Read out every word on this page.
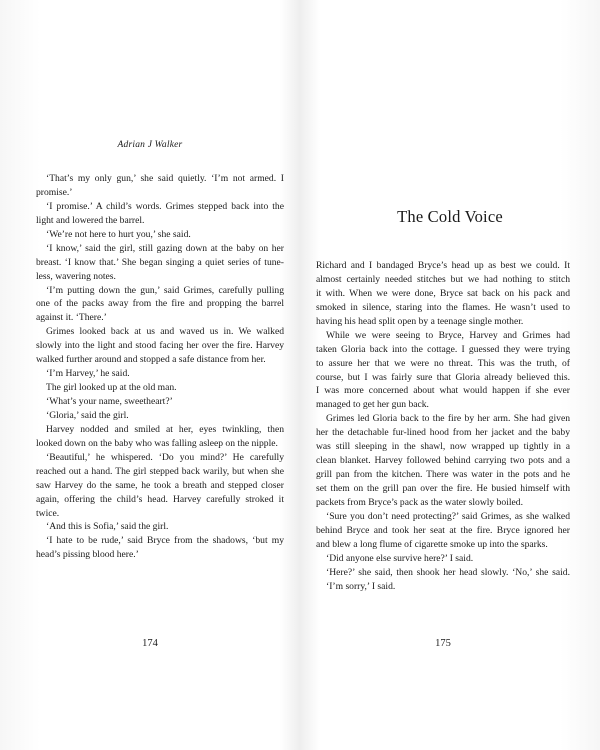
Adrian J Walker
‘That’s my only gun,’ she said quietly. ‘I’m not armed. I
promise.’
‘I promise.’ A child’s words. Grimes stepped back into the
light and lowered the barrel.
‘We’re not here to hurt you,’ she said.
‘I know,’ said the girl, still gazing down at the baby on her
breast. ‘I know that.’ She began singing a quiet series of tune-
less, wavering notes.
‘I’m putting down the gun,’ said Grimes, carefully pulling
one of the packs away from the fire and propping the barrel
against it. ‘There.’
Grimes looked back at us and waved us in. We walked
slowly into the light and stood facing her over the fire. Harvey
walked further around and stopped a safe distance from her.
‘I’m Harvey,’ he said.
The girl looked up at the old man.
‘What’s your name, sweetheart?’
‘Gloria,’ said the girl.
Harvey nodded and smiled at her, eyes twinkling, then
looked down on the baby who was falling asleep on the nipple.
‘Beautiful,’ he whispered. ‘Do you mind?’ He carefully
reached out a hand. The girl stepped back warily, but when she
saw Harvey do the same, he took a breath and stepped closer
again, offering the child’s head. Harvey carefully stroked it
twice.
‘And this is Sofia,’ said the girl.
‘I hate to be rude,’ said Bryce from the shadows, ‘but my
head’s pissing blood here.’
174
The Cold Voice
Richard and I bandaged Bryce’s head up as best we could. It
almost certainly needed stitches but we had nothing to stitch
it with. When we were done, Bryce sat back on his pack and
smoked in silence, staring into the flames. He wasn’t used to
having his head split open by a teenage single mother.
While we were seeing to Bryce, Harvey and Grimes had
taken Gloria back into the cottage. I guessed they were trying
to assure her that we were no threat. This was the truth, of
course, but I was fairly sure that Gloria already believed this.
I was more concerned about what would happen if she ever
managed to get her gun back.
Grimes led Gloria back to the fire by her arm. She had given
her the detachable fur-lined hood from her jacket and the baby
was still sleeping in the shawl, now wrapped up tightly in a
clean blanket. Harvey followed behind carrying two pots and a
grill pan from the kitchen. There was water in the pots and he
set them on the grill pan over the fire. He busied himself with
packets from Bryce’s pack as the water slowly boiled.
‘Sure you don’t need protecting?’ said Grimes, as she walked
behind Bryce and took her seat at the fire. Bryce ignored her
and blew a long flume of cigarette smoke up into the sparks.
‘Did anyone else survive here?’ I said.
‘Here?’ she said, then shook her head slowly. ‘No,’ she said.
‘I’m sorry,’ I said.
175
